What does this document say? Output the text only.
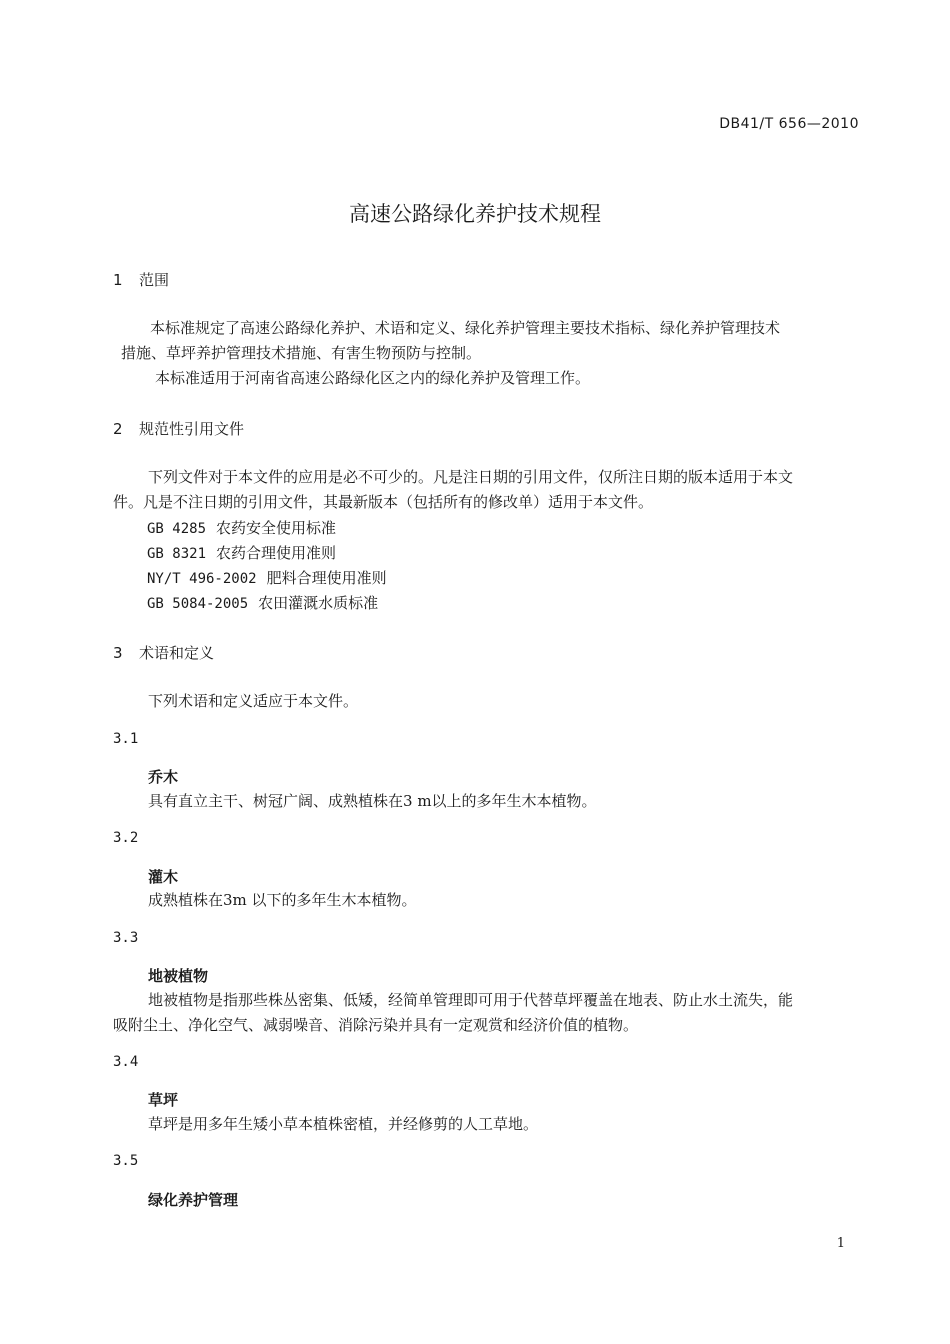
DB41/T 656—2010
高速公路绿化养护技术规程
1 范围
本标准规定了高速公路绿化养护、术语和定义、绿化养护管理主要技术指标、绿化养护管理技术
措施、草坪养护管理技术措施、有害生物预防与控制。
本标准适用于河南省高速公路绿化区之内的绿化养护及管理工作。
2 规范性引用文件
下列文件对于本文件的应用是必不可少的。凡是注日期的引用文件，仅所注日期的版本适用于本文
件。凡是不注日期的引用文件，其最新版本（包括所有的修改单）适用于本文件。
GB 4285 农药安全使用标准
GB 8321 农药合理使用准则
NY/T 496-2002 肥料合理使用准则
GB 5084-2005 农田灌溉水质标准
3 术语和定义
下列术语和定义适应于本文件。
3.1
乔木
具有直立主干、树冠广阔、成熟植株在3 m以上的多年生木本植物。
3.2
灌木
成熟植株在3m 以下的多年生木本植物。
3.3
地被植物
地被植物是指那些株丛密集、低矮，经简单管理即可用于代替草坪覆盖在地表、防止水土流失，能
吸附尘土、净化空气、减弱噪音、消除污染并具有一定观赏和经济价值的植物。
3.4
草坪
草坪是用多年生矮小草本植株密植，并经修剪的人工草地。
3.5
绿化养护管理
1
